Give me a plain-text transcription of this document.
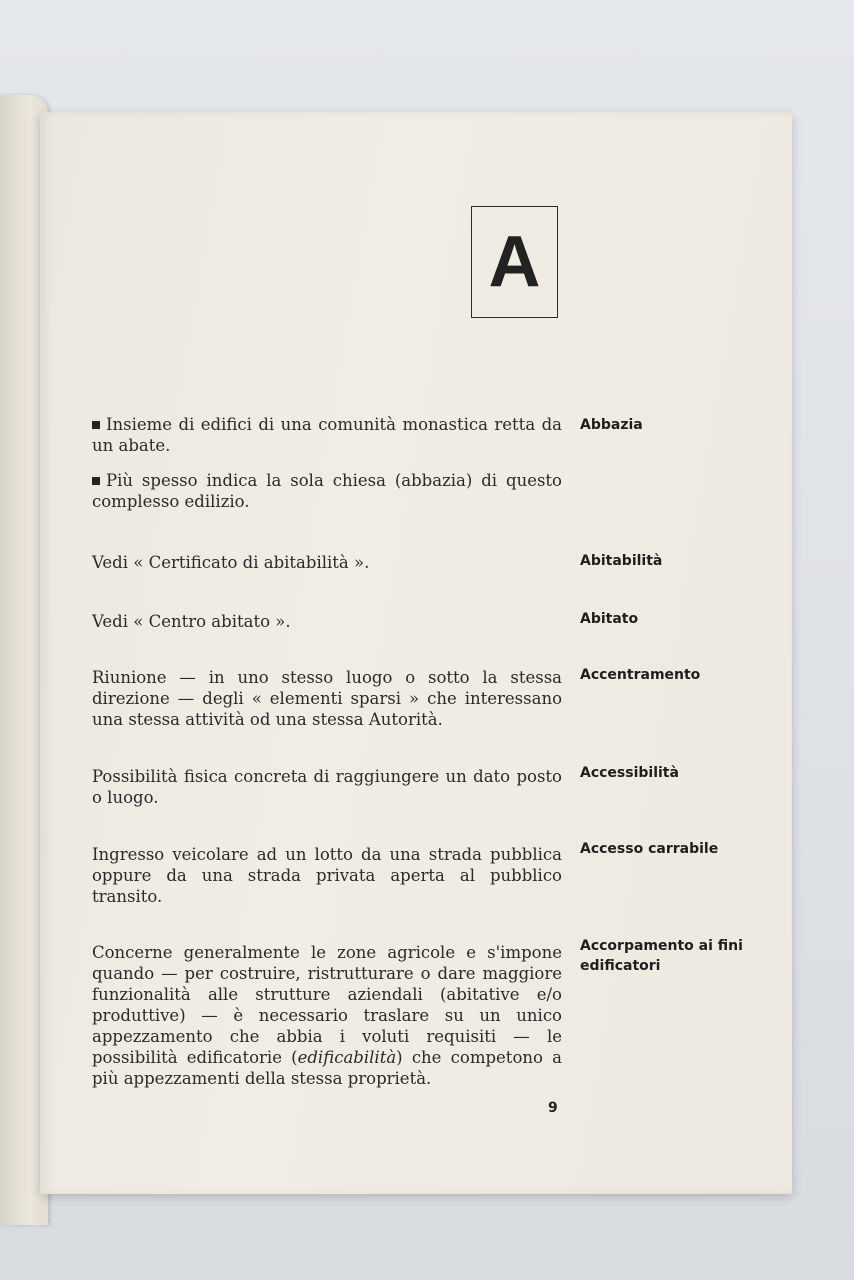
A

Insieme di edifici di una comunità monastica retta da un abate.

Più spesso indica la sola chiesa (abbazia) di questo complesso edilizio.

Abbazia
Vedi « Certificato di abitabilità ».	Abitabilità
Vedi « Centro abitato ».	Abitato
Riunione — in uno stesso luogo o sotto la stessa direzione — degli « elementi sparsi » che interessano una stessa attività od una stessa Autorità.
Accentramento
Possibilità fisica concreta di raggiungere un dato posto o luogo.
Accessibilità
Ingresso veicolare ad un lotto da una strada pubblica oppure da una strada privata aperta al pubblico transito.
Accesso carrabile
Concerne generalmente le zone agricole e s'impone quando — per costruire, ristrutturare o dare maggiore funzionalità alle strutture aziendali (abitative e/o produttive) — è necessario traslare su un unico appezzamento che abbia i voluti requisiti — le possibilità edificatorie (edificabilità) che competono a più appezzamenti della stessa proprietà.
Accorpamento ai fini edificatori
9
